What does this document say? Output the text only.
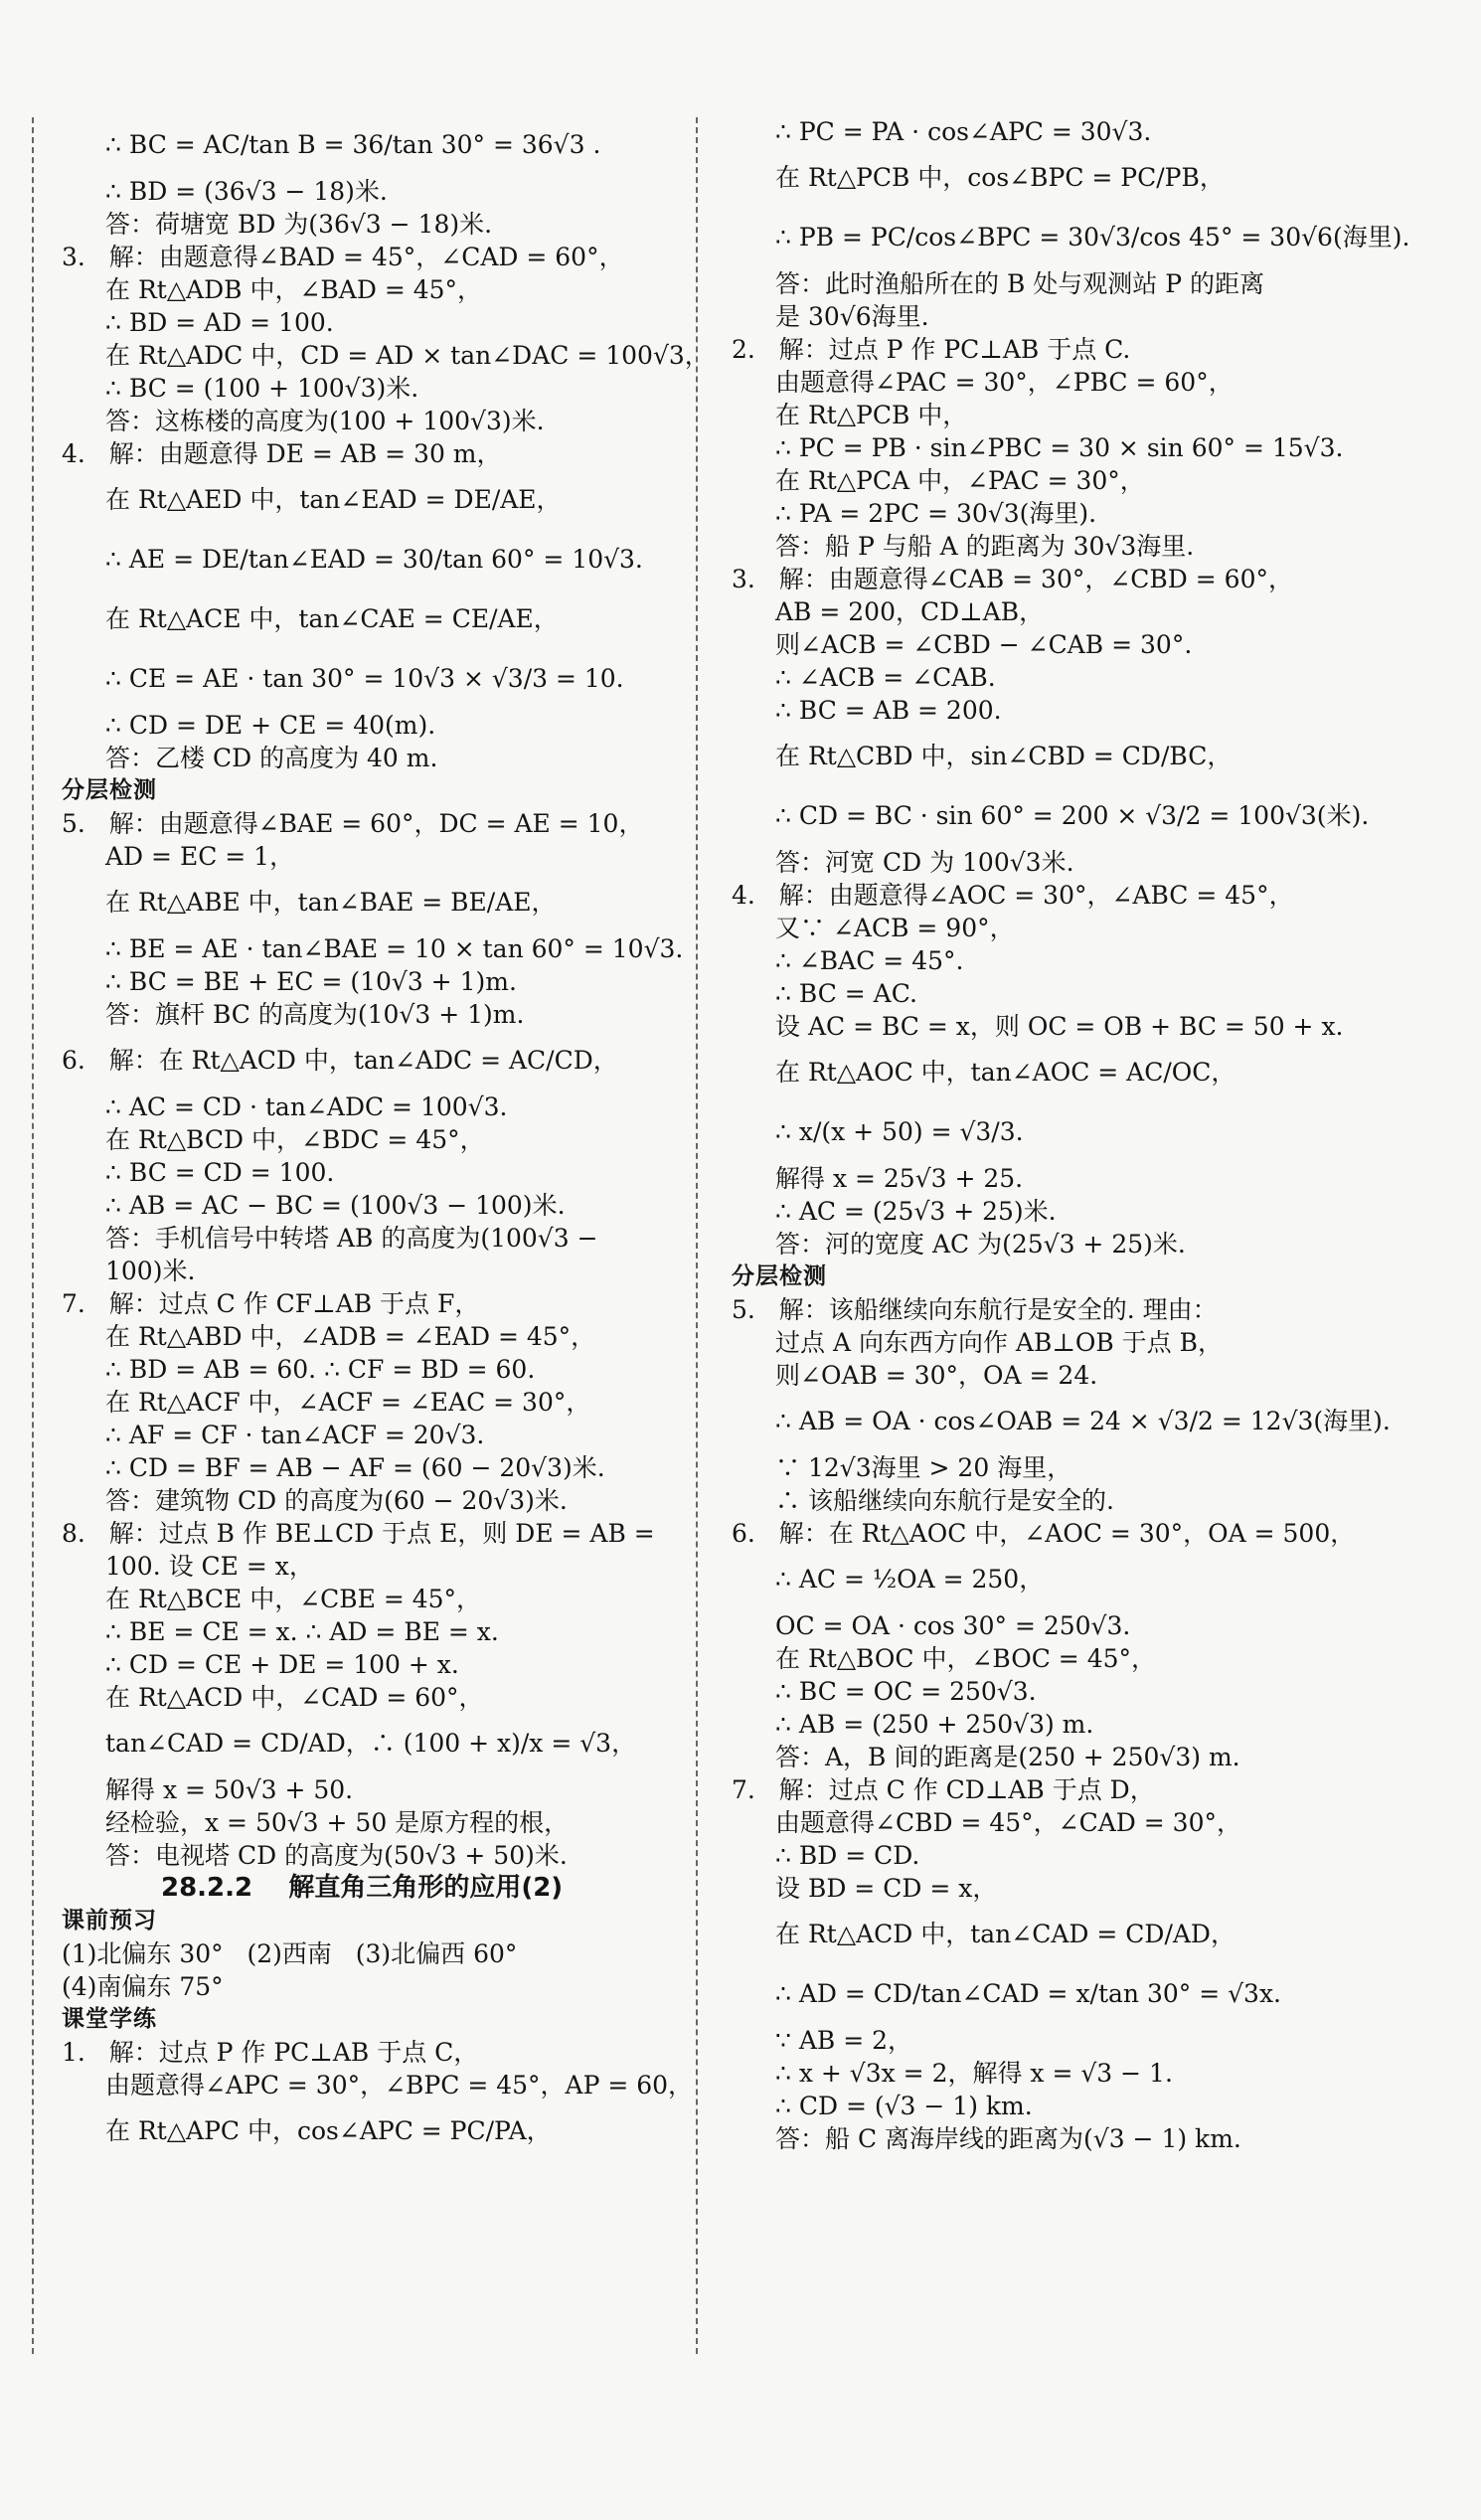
∴ BC = AC/tan B = 36/tan 30° = 36√3 .

∴ BD = (36√3 − 18)米.

答：荷塘宽 BD 为(36√3 − 18)米.

3.   解：由题意得∠BAD = 45°，∠CAD = 60°，

在 Rt△ADB 中，∠BAD = 45°，

∴ BD = AD = 100.

在 Rt△ADC 中，CD = AD × tan∠DAC = 100√3，

∴ BC = (100 + 100√3)米.

答：这栋楼的高度为(100 + 100√3)米.

4.   解：由题意得 DE = AB = 30 m，

在 Rt△AED 中，tan∠EAD = DE/AE，

∴ AE = DE/tan∠EAD = 30/tan 60° = 10√3.

在 Rt△ACE 中，tan∠CAE = CE/AE，

∴ CE = AE · tan 30° = 10√3 × √3/3 = 10.

∴ CD = DE + CE = 40(m).

答：乙楼 CD 的高度为 40 m.

分层检测

5.   解：由题意得∠BAE = 60°，DC = AE = 10，

AD = EC = 1，

在 Rt△ABE 中，tan∠BAE = BE/AE，

∴ BE = AE · tan∠BAE = 10 × tan 60° = 10√3.

∴ BC = BE + EC = (10√3 + 1)m.

答：旗杆 BC 的高度为(10√3 + 1)m.

6.   解：在 Rt△ACD 中，tan∠ADC = AC/CD，

∴ AC = CD · tan∠ADC = 100√3.

在 Rt△BCD 中，∠BDC = 45°，

∴ BC = CD = 100.

∴ AB = AC − BC = (100√3 − 100)米.

答：手机信号中转塔 AB 的高度为(100√3 −

100)米.

7.   解：过点 C 作 CF⊥AB 于点 F，

在 Rt△ABD 中，∠ADB = ∠EAD = 45°，

∴ BD = AB = 60. ∴ CF = BD = 60.

在 Rt△ACF 中，∠ACF = ∠EAC = 30°，

∴ AF = CF · tan∠ACF = 20√3.

∴ CD = BF = AB − AF = (60 − 20√3)米.

答：建筑物 CD 的高度为(60 − 20√3)米.

8.   解：过点 B 作 BE⊥CD 于点 E，则 DE = AB =

100. 设 CE = x，

在 Rt△BCE 中，∠CBE = 45°，

∴ BE = CE = x. ∴ AD = BE = x.

∴ CD = CE + DE = 100 + x.

在 Rt△ACD 中，∠CAD = 60°，

tan∠CAD = CD/AD，∴ (100 + x)/x = √3，

解得 x = 50√3 + 50.

经检验，x = 50√3 + 50 是原方程的根，

答：电视塔 CD 的高度为(50√3 + 50)米.

28.2.2    解直角三角形的应用(2)

课前预习

(1)北偏东 30°   (2)西南   (3)北偏西 60°

(4)南偏东 75°

课堂学练

1.   解：过点 P 作 PC⊥AB 于点 C，

由题意得∠APC = 30°，∠BPC = 45°，AP = 60，

在 Rt△APC 中，cos∠APC = PC/PA，

∴ PC = PA · cos∠APC = 30√3.

在 Rt△PCB 中，cos∠BPC = PC/PB，

∴ PB = PC/cos∠BPC = 30√3/cos 45° = 30√6(海里).

答：此时渔船所在的 B 处与观测站 P 的距离

是 30√6海里.

2.   解：过点 P 作 PC⊥AB 于点 C.

由题意得∠PAC = 30°，∠PBC = 60°，

在 Rt△PCB 中，

∴ PC = PB · sin∠PBC = 30 × sin 60° = 15√3.

在 Rt△PCA 中，∠PAC = 30°，

∴ PA = 2PC = 30√3(海里).

答：船 P 与船 A 的距离为 30√3海里.

3.   解：由题意得∠CAB = 30°，∠CBD = 60°，

AB = 200，CD⊥AB，

则∠ACB = ∠CBD − ∠CAB = 30°.

∴ ∠ACB = ∠CAB.

∴ BC = AB = 200.

在 Rt△CBD 中，sin∠CBD = CD/BC，

∴ CD = BC · sin 60° = 200 × √3/2 = 100√3(米).

答：河宽 CD 为 100√3米.

4.   解：由题意得∠AOC = 30°，∠ABC = 45°，

又∵ ∠ACB = 90°，

∴ ∠BAC = 45°.

∴ BC = AC.

设 AC = BC = x，则 OC = OB + BC = 50 + x.

在 Rt△AOC 中，tan∠AOC = AC/OC，

∴ x/(x + 50) = √3/3.

解得 x = 25√3 + 25.

∴ AC = (25√3 + 25)米.

答：河的宽度 AC 为(25√3 + 25)米.

分层检测

5.   解：该船继续向东航行是安全的. 理由：

过点 A 向东西方向作 AB⊥OB 于点 B，

则∠OAB = 30°，OA = 24.

∴ AB = OA · cos∠OAB = 24 × √3/2 = 12√3(海里).

∵ 12√3海里 > 20 海里，

∴ 该船继续向东航行是安全的.

6.   解：在 Rt△AOC 中，∠AOC = 30°，OA = 500，

∴ AC = ½OA = 250，

OC = OA · cos 30° = 250√3.

在 Rt△BOC 中，∠BOC = 45°，

∴ BC = OC = 250√3.

∴ AB = (250 + 250√3) m.

答：A，B 间的距离是(250 + 250√3) m.

7.   解：过点 C 作 CD⊥AB 于点 D，

由题意得∠CBD = 45°，∠CAD = 30°，

∴ BD = CD.

设 BD = CD = x，

在 Rt△ACD 中，tan∠CAD = CD/AD，

∴ AD = CD/tan∠CAD = x/tan 30° = √3x.

∵ AB = 2，

∴ x + √3x = 2，解得 x = √3 − 1.

∴ CD = (√3 − 1) km.

答：船 C 离海岸线的距离为(√3 − 1) km.
